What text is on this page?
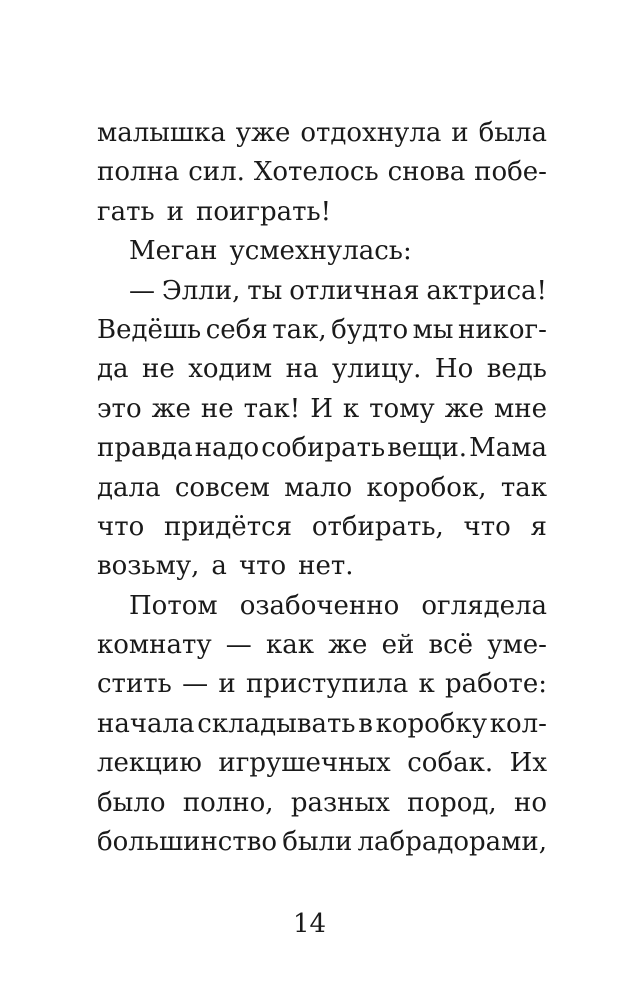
малышка уже отдохнула и была
полна сил. Хотелось снова побе-
гать и поиграть!
Меган усмехнулась:
— Элли, ты отличная актриса!
Ведёшь себя так, будто мы никог-
да не ходим на улицу. Но ведь
это же не так! И к тому же мне
правда надо собирать вещи. Мама
дала совсем мало коробок, так
что придётся отбирать, что я
возьму, а что нет.
Потом озабоченно оглядела
комнату — как же ей всё уме-
стить — и приступила к работе:
начала складывать в коробку кол-
лекцию игрушечных собак. Их
было полно, разных пород, но
большинство были лабрадорами,
14
